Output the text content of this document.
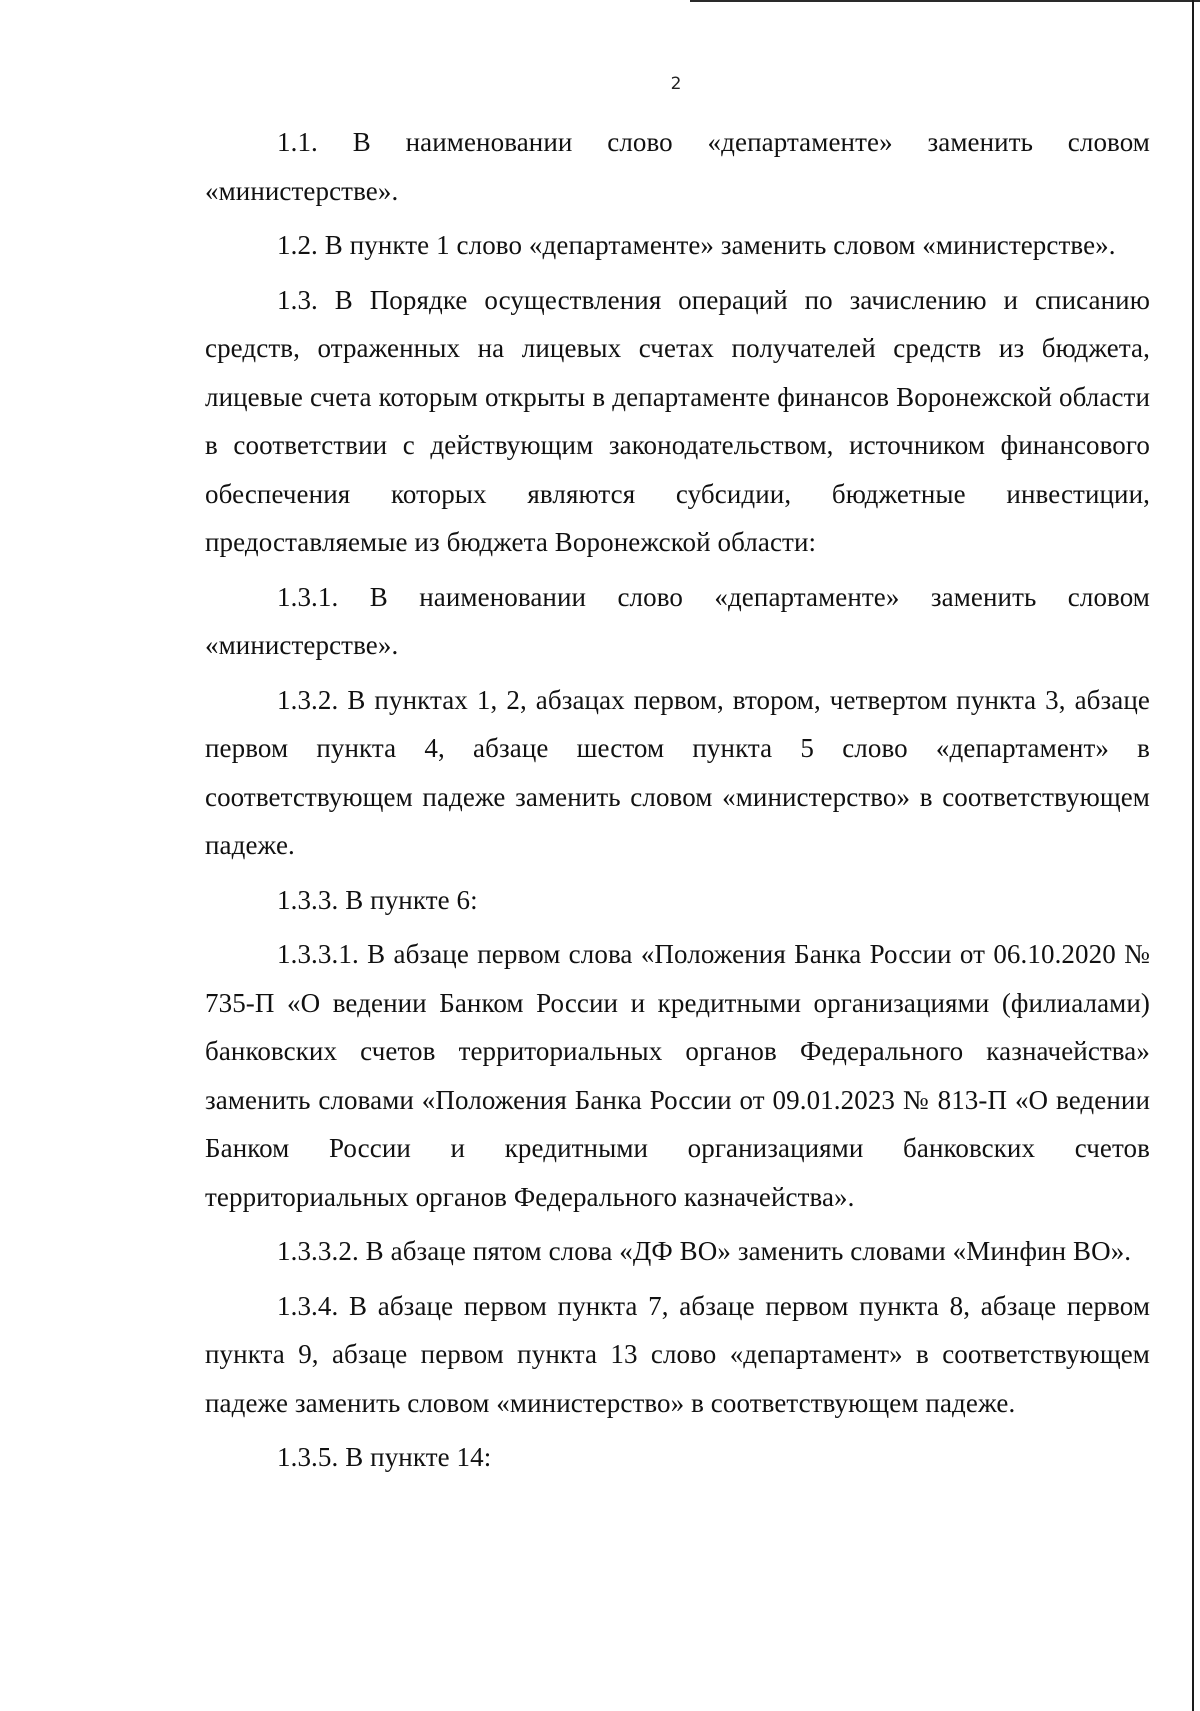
2

1.1. В наименовании слово «департаменте» заменить словом «министерстве».

1.2. В пункте 1 слово «департаменте» заменить словом «министерстве».

1.3. В Порядке осуществления операций по зачислению и списанию средств, отраженных на лицевых счетах получателей средств из бюджета, лицевые счета которым открыты в департаменте финансов Воронежской области в соответствии с действующим законодательством, источником финансового обеспечения которых являются субсидии, бюджетные инвестиции, предоставляемые из бюджета Воронежской области:

1.3.1. В наименовании слово «департаменте» заменить словом «министерстве».

1.3.2. В пунктах 1, 2, абзацах первом, втором, четвертом пункта 3, абзаце первом пункта 4, абзаце шестом пункта 5 слово «департамент» в соответствующем падеже заменить словом «министерство» в соответствующем падеже.

1.3.3. В пункте 6:

1.3.3.1. В абзаце первом слова «Положения Банка России от 06.10.2020 № 735-П «О ведении Банком России и кредитными организациями (филиалами) банковских счетов территориальных органов Федерального казначейства» заменить словами «Положения Банка России от 09.01.2023 № 813-П «О ведении Банком России и кредитными организациями банковских счетов территориальных органов Федерального казначейства».

1.3.3.2. В абзаце пятом слова «ДФ ВО» заменить словами «Минфин ВО».

1.3.4. В абзаце первом пункта 7, абзаце первом пункта 8, абзаце первом пункта 9, абзаце первом пункта 13 слово «департамент» в соответствующем падеже заменить словом «министерство» в соответствующем падеже.

1.3.5. В пункте 14:
